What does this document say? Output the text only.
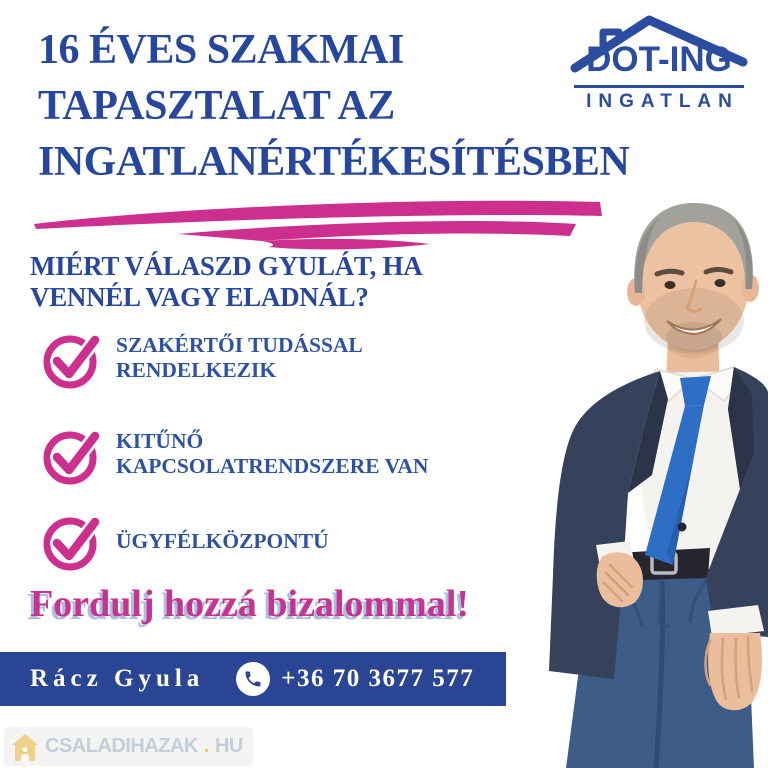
16 ÉVES SZAKMAI
TAPASZTALAT AZ
INGATLANÉRTÉKESÍTÉSBEN
DOT-ING
INGATLAN
MIÉRT VÁLASZD GYULÁT, HA
VENNÉL VAGY ELADNÁL?
SZAKÉRTŐI TUDÁSSAL
RENDELKEZIK
KITŰNŐ
KAPCSOLATRENDSZERE VAN
ÜGYFÉLKÖZPONTÚ
Fordulj hozzá bizalommal!
Rácz Gyula	+36 70 3677 577
CSALADIHAZAK . HU
